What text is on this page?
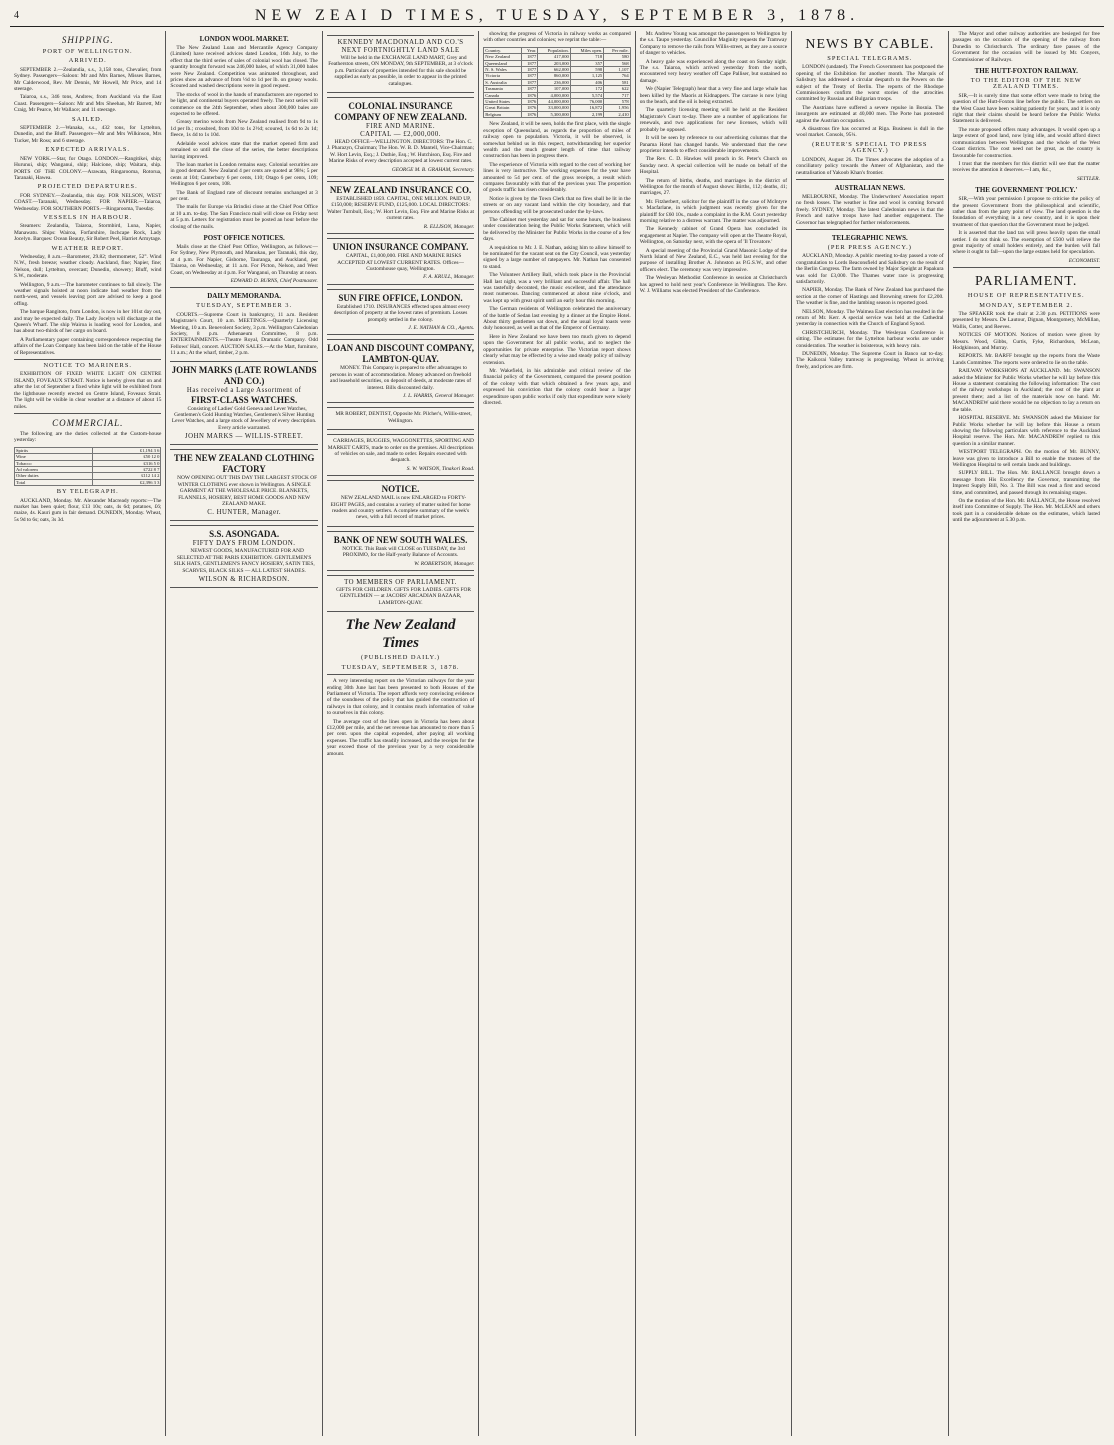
4	NEW ZEAI D TIMES, TUESDAY, SEPTEMBER 3, 1878.
SHIPPING.
PORT OF WELLINGTON.
ARRIVED.

SEPTEMBER 2.—Zealandia, s.s., 3,158 tons, Chevalier, from Sydney. Passengers—Saloon: Mr and Mrs Barnes, Misses Barnes, Mr Calderwood, Rev. Mr Dennis, Mr Howell, Mr Price, and 14 steerage.

Taiaroa, s.s., 346 tons, Andrew, from Auckland via the East Coast. Passengers—Saloon: Mr and Mrs Sheehan, Mr Barrett, Mr Craig, Mr Pearce, Mr Wallace; and 11 steerage.

SAILED.

SEPTEMBER 2.—Wanaka, s.s., 432 tons, for Lyttelton, Dunedin, and the Bluff. Passengers—Mr and Mrs Wilkinson, Mrs Tucker, Mr Ross; and 6 steerage.

EXPECTED ARRIVALS.

NEW YORK.—Star, for Otago. LONDON.—Rangitikei, ship; Hurunui, ship; Wanganui, ship; Halcione, ship; Waitara, ship. PORTS OF THE COLONY.—Arawata, Ringarooma, Rotorua, Taranaki, Hawea.

PROJECTED DEPARTURES.

FOR SYDNEY.—Zealandia, this day. FOR NELSON, WEST COAST.—Taranaki, Wednesday. FOR NAPIER.—Taiaroa, Wednesday. FOR SOUTHERN PORTS.—Ringarooma, Tuesday.

VESSELS IN HARBOUR.

Steamers: Zealandia, Taiaroa, Stormbird, Luna, Napier, Manawatu. Ships: Wairoa, Forfarshire, Inchcape Rock, Lady Jocelyn. Barques: Ocean Beauty, Sir Robert Peel, Harriet Armytage.

WEATHER REPORT.

Wednesday, 8 a.m.—Barometer, 29.82; thermometer, 52°. Wind N.W., fresh breeze; weather cloudy. Auckland, fine; Napier, fine; Nelson, dull; Lyttelton, overcast; Dunedin, showery; Bluff, wind S.W., moderate.

Wellington, 9 a.m.—The barometer continues to fall slowly. The weather signals hoisted at noon indicate bad weather from the north-west, and vessels leaving port are advised to keep a good offing.

The barque Rangitoto, from London, is now in her 101st day out, and may be expected daily. The Lady Jocelyn will discharge at the Queen's Wharf. The ship Wairoa is loading wool for London, and has about two-thirds of her cargo on board.

A Parliamentary paper containing correspondence respecting the affairs of the Loan Company has been laid on the table of the House of Representatives.

NOTICE TO MARINERS.

EXHIBITION OF FIXED WHITE LIGHT ON CENTRE ISLAND, FOVEAUX STRAIT. Notice is hereby given that on and after the 1st of September a fixed white light will be exhibited from the lighthouse recently erected on Centre Island, Foveaux Strait. The light will be visible in clear weather at a distance of about 15 miles.

COMMERCIAL.

The following are the duties collected at the Custom-house yesterday:

Spirits	£1,194 3 6
Wine	£50 12 0
Tobacco	£316 5 0
Ad valorem	£722 8 7
Other duties	£112 14 2
Total	£2,396 3 3
BY TELEGRAPH.

AUCKLAND, Monday. Mr. Alexander Macready reports:—The market has been quiet; flour, £13 10s; oats, 4s 6d; potatoes, £6; maize, 4s. Kauri gum in fair demand. DUNEDIN, Monday. Wheat, 5s 9d to 6s; oats, 3s 3d.

LONDON WOOL MARKET.

The New Zealand Loan and Mercantile Agency Company (Limited) have received advices dated London, 16th July, to the effect that the third series of sales of colonial wool has closed. The quantity brought forward was 246,000 bales, of which 31,000 bales were New Zealand. Competition was animated throughout, and prices show an advance of from ½d to 1d per lb. on greasy wools. Scoured and washed descriptions were in good request.

The stocks of wool in the hands of manufacturers are reported to be light, and continental buyers operated freely. The next series will commence on the 24th September, when about 300,000 bales are expected to be offered.

Greasy merino wools from New Zealand realised from 9d to 1s 1d per lb.; crossbred, from 10d to 1s 2½d; scoured, 1s 6d to 2s 1d; fleece, 1s 4d to 1s 10d.

Adelaide wool advices state that the market opened firm and remained so until the close of the series, the better descriptions having improved.

The loan market in London remains easy. Colonial securities are in good demand. New Zealand 4 per cents are quoted at 98¾; 5 per cents at 104; Canterbury 6 per cents, 110; Otago 6 per cents, 109; Wellington 6 per cents, 108.

The Bank of England rate of discount remains unchanged at 3 per cent.

The mails for Europe via Brindisi close at the Chief Post Office at 10 a.m. to-day. The San Francisco mail will close on Friday next at 5 p.m. Letters for registration must be posted an hour before the closing of the mails.

POST OFFICE NOTICES.

Mails close at the Chief Post Office, Wellington, as follows:—For Sydney, New Plymouth, and Manukau, per Taranaki, this day, at 4 p.m. For Napier, Gisborne, Tauranga, and Auckland, per Taiaroa, on Wednesday, at 11 a.m. For Picton, Nelson, and West Coast, on Wednesday at 4 p.m. For Wanganui, on Thursday at noon.

EDWARD D. BURNS, Chief Postmaster.
DAILY MEMORANDA.
TUESDAY, SEPTEMBER 3.

COURTS.—Supreme Court in bankruptcy, 11 a.m. Resident Magistrate's Court, 10 a.m. MEETINGS.—Quarterly Licensing Meeting, 10 a.m. Benevolent Society, 3 p.m. Wellington Caledonian Society, 8 p.m. Athenaeum Committee, 8 p.m. ENTERTAINMENTS.—Theatre Royal, Dramatic Company. Odd Fellows' Hall, concert. AUCTION SALES.—At the Mart, furniture, 11 a.m.; At the wharf, timber, 2 p.m.

JOHN MARKS (LATE ROWLANDS AND CO.)
Has received a Large Assortment of
FIRST-CLASS WATCHES.

Consisting of Ladies' Gold Geneva and Lever Watches, Gentlemen's Gold Hunting Watches, Gentlemen's Silver Hunting Lever Watches, and a large stock of Jewellery of every description. Every article warranted.

JOHN MARKS — WILLIS-STREET.
THE NEW ZEALAND CLOTHING FACTORY

NOW OPENING OUT THIS DAY THE LARGEST STOCK OF WINTER CLOTHING ever shown in Wellington. A SINGLE GARMENT AT THE WHOLESALE PRICE. BLANKETS, FLANNELS, HOSIERY, BEST HOME GOODS AND NEW ZEALAND MAKE.

C. HUNTER, Manager.
S.S. ASONGADA.
FIFTY DAYS FROM LONDON.

NEWEST GOODS, MANUFACTURED FOR AND SELECTED AT THE PARIS EXHIBITION. GENTLEMEN'S SILK HATS, GENTLEMEN'S FANCY HOSIERY, SATIN TIES, SCARVES, BLACK SILKS — ALL LATEST SHADES.

WILSON & RICHARDSON.
KENNEDY MACDONALD AND CO.'S NEXT FORTNIGHTLY LAND SALE

Will be held in the EXCHANGE LAND MART, Grey and Featherston streets, ON MONDAY, 9th SEPTEMBER, at 3 o'clock p.m. Particulars of properties intended for this sale should be supplied as early as possible, in order to appear in the printed catalogues.

COLONIAL INSURANCE COMPANY OF NEW ZEALAND.
FIRE AND MARINE.
CAPITAL — £2,000,000.

HEAD OFFICE—WELLINGTON. DIRECTORS: The Hon. C. J. Pharazyn, Chairman; The Hon. W. B. D. Mantell, Vice-Chairman; W. Hort Levin, Esq.; J. Duthie, Esq.; W. Hutchison, Esq. Fire and Marine Risks of every description accepted at lowest current rates.

GEORGE M. B. GRAHAM, Secretary.
NEW ZEALAND INSURANCE CO.

ESTABLISHED 1859. CAPITAL, ONE MILLION. PAID UP, £150,000; RESERVE FUND, £125,000. LOCAL DIRECTORS: Walter Turnbull, Esq.; W. Hort Levin, Esq. Fire and Marine Risks at current rates.

R. ELLISON, Manager.
UNION INSURANCE COMPANY.

CAPITAL, £1,000,000. FIRE AND MARINE RISKS ACCEPTED AT LOWEST CURRENT RATES. Offices—Customhouse quay, Wellington.

F. A. KRULL, Manager.
SUN FIRE OFFICE, LONDON.

Established 1710. INSURANCES effected upon almost every description of property at the lowest rates of premium. Losses promptly settled in the colony.

J. E. NATHAN & CO., Agents.
LOAN AND DISCOUNT COMPANY, LAMBTON-QUAY.

MONEY. This Company is prepared to offer advantages to persons in want of accommodation. Money advanced on freehold and leasehold securities, on deposit of deeds, at moderate rates of interest. Bills discounted daily.

J. L. HARRIS, General Manager.

MR ROBERT, DENTIST, Opposite Mr. Pilcher's, Willis-street, Wellington.

CARRIAGES, BUGGIES, WAGGONETTES, SPORTING AND MARKET CARTS, made to order on the premises. All descriptions of vehicles on sale, and made to order. Repairs executed with despatch.

S. W. WATSON, Tinakori Road.
NOTICE.

NEW ZEALAND MAIL is now ENLARGED to FORTY-EIGHT PAGES, and contains a variety of matter suited for home readers and country settlers. A complete summary of the week's news, with a full record of market prices.

BANK OF NEW SOUTH WALES.

NOTICE. This Bank will CLOSE on TUESDAY, the 3rd PROXIMO, for the Half-yearly Balance of Accounts.

W. ROBERTSON, Manager.
TO MEMBERS OF PARLIAMENT.

GIFTS FOR CHILDREN. GIFTS FOR LADIES. GIFTS FOR GENTLEMEN — at JACOBS' ARCADIAN BAZAAR, LAMBTON-QUAY.

The New Zealand Times
(PUBLISHED DAILY.)
TUESDAY, SEPTEMBER 3, 1878.

A very interesting report on the Victorian railways for the year ending 30th June last has been presented to both Houses of the Parliament of Victoria. The report affords very convincing evidence of the soundness of the policy that has guided the construction of railways in that colony, and it contains much information of value to ourselves in this colony.

The average cost of the lines open in Victoria has been about £12,000 per mile, and the net revenue has amounted to more than 5 per cent. upon the capital expended, after paying all working expenses. The traffic has steadily increased, and the receipts for the year exceed those of the previous year by a very considerable amount.

showing the progress of Victoria in railway works as compared with other countries and colonies; we reprint the table:—

Country.	Year.	Population.	Miles open.	Per mile.
New Zealand	1877	417,000	718	580
Queensland	1877	203,000	357	568
N. S. Wales	1877	662,000	598	1,107
Victoria	1877	860,000	1,125	764
S. Australia	1877	236,000	406	581
Tasmania	1877	107,000	172	622
Canada	1876	4,000,000	5,574	717
United States	1876	44,000,000	76,000	578
Great Britain	1876	33,000,000	16,872	1,956
Belgium	1876	5,300,000	2,199	2,410

New Zealand, it will be seen, holds the first place, with the single exception of Queensland, as regards the proportion of miles of railway open to population. Victoria, it will be observed, is somewhat behind us in this respect, notwithstanding her superior wealth and the much greater length of time that railway construction has been in progress there.

The experience of Victoria with regard to the cost of working her lines is very instructive. The working expenses for the year have amounted to 54 per cent. of the gross receipts, a result which compares favourably with that of the previous year. The proportion of goods traffic has risen considerably.

Notice is given by the Town Clerk that no fires shall be lit in the streets or on any vacant land within the city boundary, and that persons offending will be prosecuted under the by-laws.

The Cabinet met yesterday and sat for some hours, the business under consideration being the Public Works Statement, which will be delivered by the Minister for Public Works in the course of a few days.

A requisition to Mr. J. E. Nathan, asking him to allow himself to be nominated for the vacant seat on the City Council, was yesterday signed by a large number of ratepayers. Mr. Nathan has consented to stand.

The Volunteer Artillery Ball, which took place in the Provincial Hall last night, was a very brilliant and successful affair. The hall was tastefully decorated, the music excellent, and the attendance most numerous. Dancing commenced at about nine o'clock, and was kept up with great spirit until an early hour this morning.

The German residents of Wellington celebrated the anniversary of the battle of Sedan last evening by a dinner at the Empire Hotel. About thirty gentlemen sat down, and the usual loyal toasts were duly honoured, as well as that of the Emperor of Germany.

Here in New Zealand we have been too much given to depend upon the Government for all public works, and to neglect the opportunities for private enterprise. The Victorian report shows clearly what may be effected by a wise and steady policy of railway extension.

Mr. Wakefield, in his admirable and critical review of the financial policy of the Government, compared the present position of the colony with that which obtained a few years ago, and expressed his conviction that the colony could bear a larger expenditure upon public works if only that expenditure were wisely directed.

Mr. Andrew Young was amongst the passengers to Wellington by the s.s. Taupo yesterday. Councillor Maginity requests the Tramway Company to remove the rails from Willis-street, as they are a source of danger to vehicles.

A heavy gale was experienced along the coast on Sunday night. The s.s. Taiaroa, which arrived yesterday from the north, encountered very heavy weather off Cape Palliser, but sustained no damage.

We (Napier Telegraph) hear that a very fine and large whale has been killed by the Maoris at Kidnappers. The carcase is now lying on the beach, and the oil is being extracted.

The quarterly licensing meeting will be held at the Resident Magistrate's Court to-day. There are a number of applications for renewals, and two applications for new licenses, which will probably be opposed.

It will be seen by reference to our advertising columns that the Panama Hotel has changed hands. We understand that the new proprietor intends to effect considerable improvements.

The Rev. C. D. Hawkes will preach in St. Peter's Church on Sunday next. A special collection will be made on behalf of the Hospital.

The return of births, deaths, and marriages in the district of Wellington for the month of August shows: Births, 112; deaths, 41; marriages, 27.

Mr. Fitzherbert, solicitor for the plaintiff in the case of McIntyre v. Macfarlane, in which judgment was recently given for the plaintiff for £60 10s., made a complaint in the R.M. Court yesterday morning relative to a distress warrant. The matter was adjourned.

The Kennedy cabinet of Grand Opera has concluded its engagement at Napier. The company will open at the Theatre Royal, Wellington, on Saturday next, with the opera of 'Il Trovatore.'

A special meeting of the Provincial Grand Masonic Lodge of the North Island of New Zealand, E.C., was held last evening for the purpose of installing Brother A. Johnston as P.G.S.W., and other officers elect. The ceremony was very impressive.

The Wesleyan Methodist Conference in session at Christchurch has agreed to hold next year's Conference in Wellington. The Rev. W. J. Williams was elected President of the Conference.

NEWS BY CABLE.
SPECIAL TELEGRAMS.

LONDON (undated). The French Government has postponed the opening of the Exhibition for another month. The Marquis of Salisbury has addressed a circular despatch to the Powers on the subject of the Treaty of Berlin. The reports of the Rhodope Commissioners confirm the worst stories of the atrocities committed by Russian and Bulgarian troops.

The Austrians have suffered a severe repulse in Bosnia. The insurgents are estimated at 40,000 men. The Porte has protested against the Austrian occupation.

A disastrous fire has occurred at Riga. Business is dull in the wool market. Consols, 95¼.

(REUTER'S SPECIAL TO PRESS AGENCY.)

LONDON, August 26. The Times advocates the adoption of a conciliatory policy towards the Ameer of Afghanistan, and the neutralisation of Yakoob Khan's frontier.

AUSTRALIAN NEWS.

MELBOURNE, Monday. The Underwriters' Association report no fresh losses. The weather is fine and wool is coming forward freely. SYDNEY, Monday. The latest Caledonian news is that the French and native troops have had another engagement. The Governor has telegraphed for further reinforcements.

TELEGRAPHIC NEWS.
(PER PRESS AGENCY.)

AUCKLAND, Monday. A public meeting to-day passed a vote of congratulation to Lords Beaconsfield and Salisbury on the result of the Berlin Congress. The farm owned by Major Speight at Papakura was sold for £3,000. The Thames water race is progressing satisfactorily.

NAPIER, Monday. The Bank of New Zealand has purchased the section at the corner of Hastings and Browning streets for £2,200. The weather is fine, and the lambing season is reported good.

NELSON, Monday. The Waimea East election has resulted in the return of Mr. Kerr. A special service was held at the Cathedral yesterday in connection with the Church of England Synod.

CHRISTCHURCH, Monday. The Wesleyan Conference is sitting. The estimates for the Lyttelton harbour works are under consideration. The weather is boisterous, with heavy rain.

DUNEDIN, Monday. The Supreme Court in Banco sat to-day. The Kaikorai Valley tramway is progressing. Wheat is arriving freely, and prices are firm.

The Mayor and other railway authorities are besieged for free passages on the occasion of the opening of the railway from Dunedin to Christchurch. The ordinary fare passes of the Government for the occasion will be issued by Mr. Conyers, Commissioner of Railways.

THE HUTT-FOXTON RAILWAY.
TO THE EDITOR OF THE NEW ZEALAND TIMES.

SIR,—It is surely time that some effort were made to bring the question of the Hutt-Foxton line before the public. The settlers on the West Coast have been waiting patiently for years, and it is only right that their claims should be heard before the Public Works Statement is delivered.

The route proposed offers many advantages. It would open up a large extent of good land, now lying idle, and would afford direct communication between Wellington and the whole of the West Coast districts. The cost need not be great, as the country is favourable for construction.

I trust that the members for this district will see that the matter receives the attention it deserves.—I am, &c.,

SETTLER.
THE GOVERNMENT 'POLICY.'

SIR,—With your permission I propose to criticise the policy of the present Government from the philosophical and scientific, rather than from the party point of view. The land question is the foundation of everything in a new country, and it is upon their treatment of that question that the Government must be judged.

It is asserted that the land tax will press heavily upon the small settler. I do not think so. The exemption of £500 will relieve the great majority of small holders entirely, and the burden will fall where it ought to fall—upon the large estates held for speculation.

ECONOMIST.
PARLIAMENT.
HOUSE OF REPRESENTATIVES.
MONDAY, SEPTEMBER 2.

The SPEAKER took the chair at 2.30 p.m. PETITIONS were presented by Messrs. De Lautour, Dignan, Montgomery, McMillan, Wallis, Cotter, and Reeves.

NOTICES OF MOTION. Notices of motion were given by Messrs. Wood, Gibbs, Curtis, Fyke, Richardson, McLean, Hodgkinson, and Murray.

REPORTS. Mr. BARFF brought up the reports from the Waste Lands Committee. The reports were ordered to lie on the table.

RAILWAY WORKSHOPS AT AUCKLAND. Mr. SWANSON asked the Minister for Public Works whether he will lay before this House a statement containing the following information: The cost of the railway workshops in Auckland; the cost of the plant at present there; and a list of the materials now on hand. Mr. MACANDREW said there would be no objection to lay a return on the table.

HOSPITAL RESERVE. Mr. SWANSON asked the Minister for Public Works whether he will lay before this House a return showing the following particulars with reference to the Auckland Hospital reserve. The Hon. Mr. MACANDREW replied to this question in a similar manner.

WESTPORT TELEGRAPH. On the motion of Mr. BUNNY, leave was given to introduce a Bill to enable the trustees of the Wellington Hospital to sell certain lands and buildings.

SUPPLY BILL. The Hon. Mr. BALLANCE brought down a message from His Excellency the Governor, transmitting the Imprest Supply Bill, No. 3. The Bill was read a first and second time, and committed, and passed through its remaining stages.

On the motion of the Hon. Mr. BALLANCE, the House resolved itself into Committee of Supply. The Hon. Mr. McLEAN and others took part in a considerable debate on the estimates, which lasted until the adjournment at 5.30 p.m.
